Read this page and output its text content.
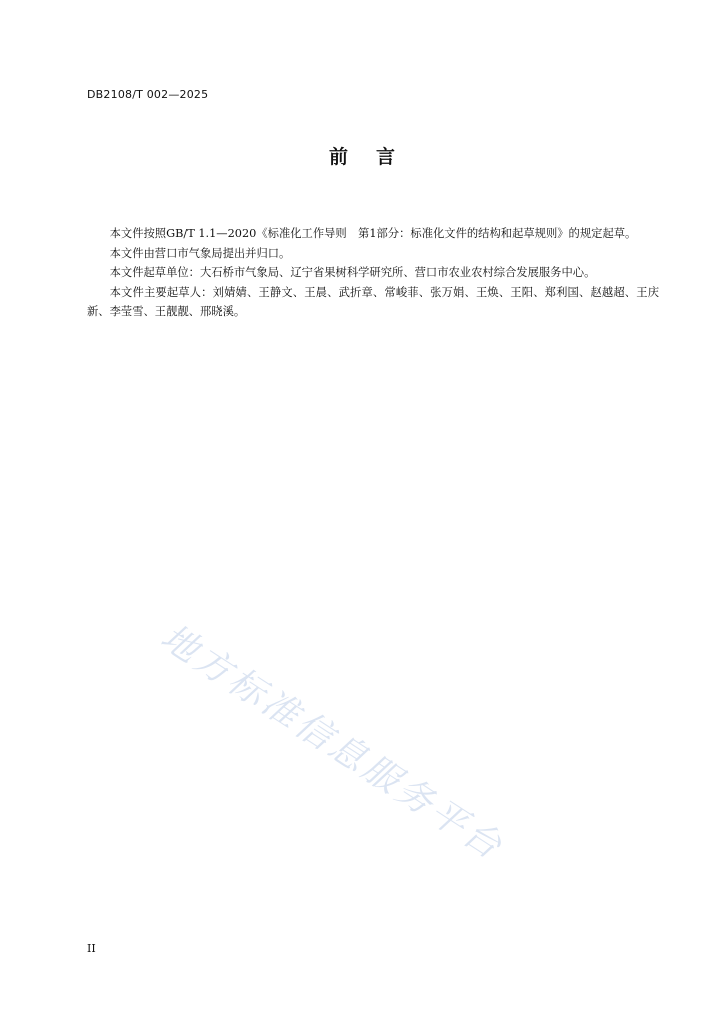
DB2108/T 002—2025
前言

本文件按照GB/T 1.1—2020《标准化工作导则　第1部分：标准化文件的结构和起草规则》的规定起草。

本文件由营口市气象局提出并归口。

本文件起草单位：大石桥市气象局、辽宁省果树科学研究所、营口市农业农村综合发展服务中心。

本文件主要起草人：刘婧婧、王静文、王晨、武折章、常峻菲、张万娟、王焕、王阳、郑利国、赵越超、王庆新、李莹雪、王靓靓、邢晓溪。

地方标准信息服务平台
II
